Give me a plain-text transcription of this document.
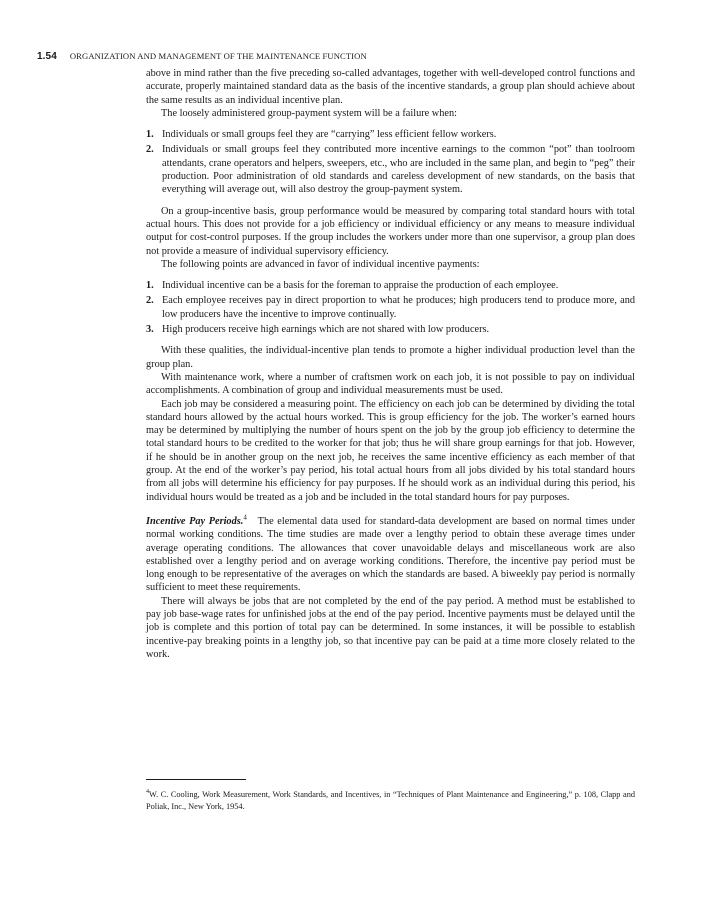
1.54 ORGANIZATION AND MANAGEMENT OF THE MAINTENANCE FUNCTION

above in mind rather than the five preceding so-called advantages, together with well-developed control functions and accurate, properly maintained standard data as the basis of the incentive standards, a group plan should achieve about the same results as an individual incentive plan.

The loosely administered group-payment system will be a failure when:

1. Individuals or small groups feel they are “carrying” less efficient fellow workers.
2. Individuals or small groups feel they contributed more incentive earnings to the common “pot” than toolroom attendants, crane operators and helpers, sweepers, etc., who are included in the same plan, and begin to “peg” their production. Poor administration of old standards and careless development of new standards, on the basis that everything will average out, will also destroy the group-payment system.

On a group-incentive basis, group performance would be measured by comparing total standard hours with total actual hours. This does not provide for a job efficiency or individual efficiency or any means to measure individual output for cost-control purposes. If the group includes the workers under more than one supervisor, a group plan does not provide a measure of individual supervisory efficiency.

The following points are advanced in favor of individual incentive payments:

1. Individual incentive can be a basis for the foreman to appraise the production of each employee.
2. Each employee receives pay in direct proportion to what he produces; high producers tend to produce more, and low producers have the incentive to improve continually.
3. High producers receive high earnings which are not shared with low producers.

With these qualities, the individual-incentive plan tends to promote a higher individual production level than the group plan.

With maintenance work, where a number of craftsmen work on each job, it is not possible to pay on individual accomplishments. A combination of group and individual measurements must be used.

Each job may be considered a measuring point. The efficiency on each job can be determined by dividing the total standard hours allowed by the actual hours worked. This is group efficiency for the job. The worker’s earned hours may be determined by multiplying the number of hours spent on the job by the group job efficiency to determine the total standard hours to be credited to the worker for that job; thus he will share group earnings for that job. However, if he should be in another group on the next job, he receives the same incentive efficiency as each member of that group. At the end of the worker’s pay period, his total actual hours from all jobs divided by his total standard hours from all jobs will determine his efficiency for pay purposes. If he should work as an individual during this period, his individual hours would be treated as a job and be included in the total standard hours for pay purposes.

Incentive Pay Periods.$^4$ The elemental data used for standard-data development are based on normal times under normal working conditions. The time studies are made over a lengthy period to obtain these average times under average operating conditions. The allowances that cover unavoidable delays and miscellaneous work are also established over a lengthy period and on average working conditions. Therefore, the incentive pay period must be long enough to be representative of the averages on which the standards are based. A biweekly pay period is normally sufficient to meet these requirements.

There will always be jobs that are not completed by the end of the pay period. A method must be established to pay job base-wage rates for unfinished jobs at the end of the pay period. Incentive payments must be delayed until the job is complete and this portion of total pay can be determined. In some instances, it will be possible to establish incentive-pay breaking points in a lengthy job, so that incentive pay can be paid at a time more closely related to the work.

$^4$W. C. Cooling, Work Measurement, Work Standards, and Incentives, in “Techniques of Plant Maintenance and Engineering,” p. 108, Clapp and Poliak, Inc., New York, 1954.
